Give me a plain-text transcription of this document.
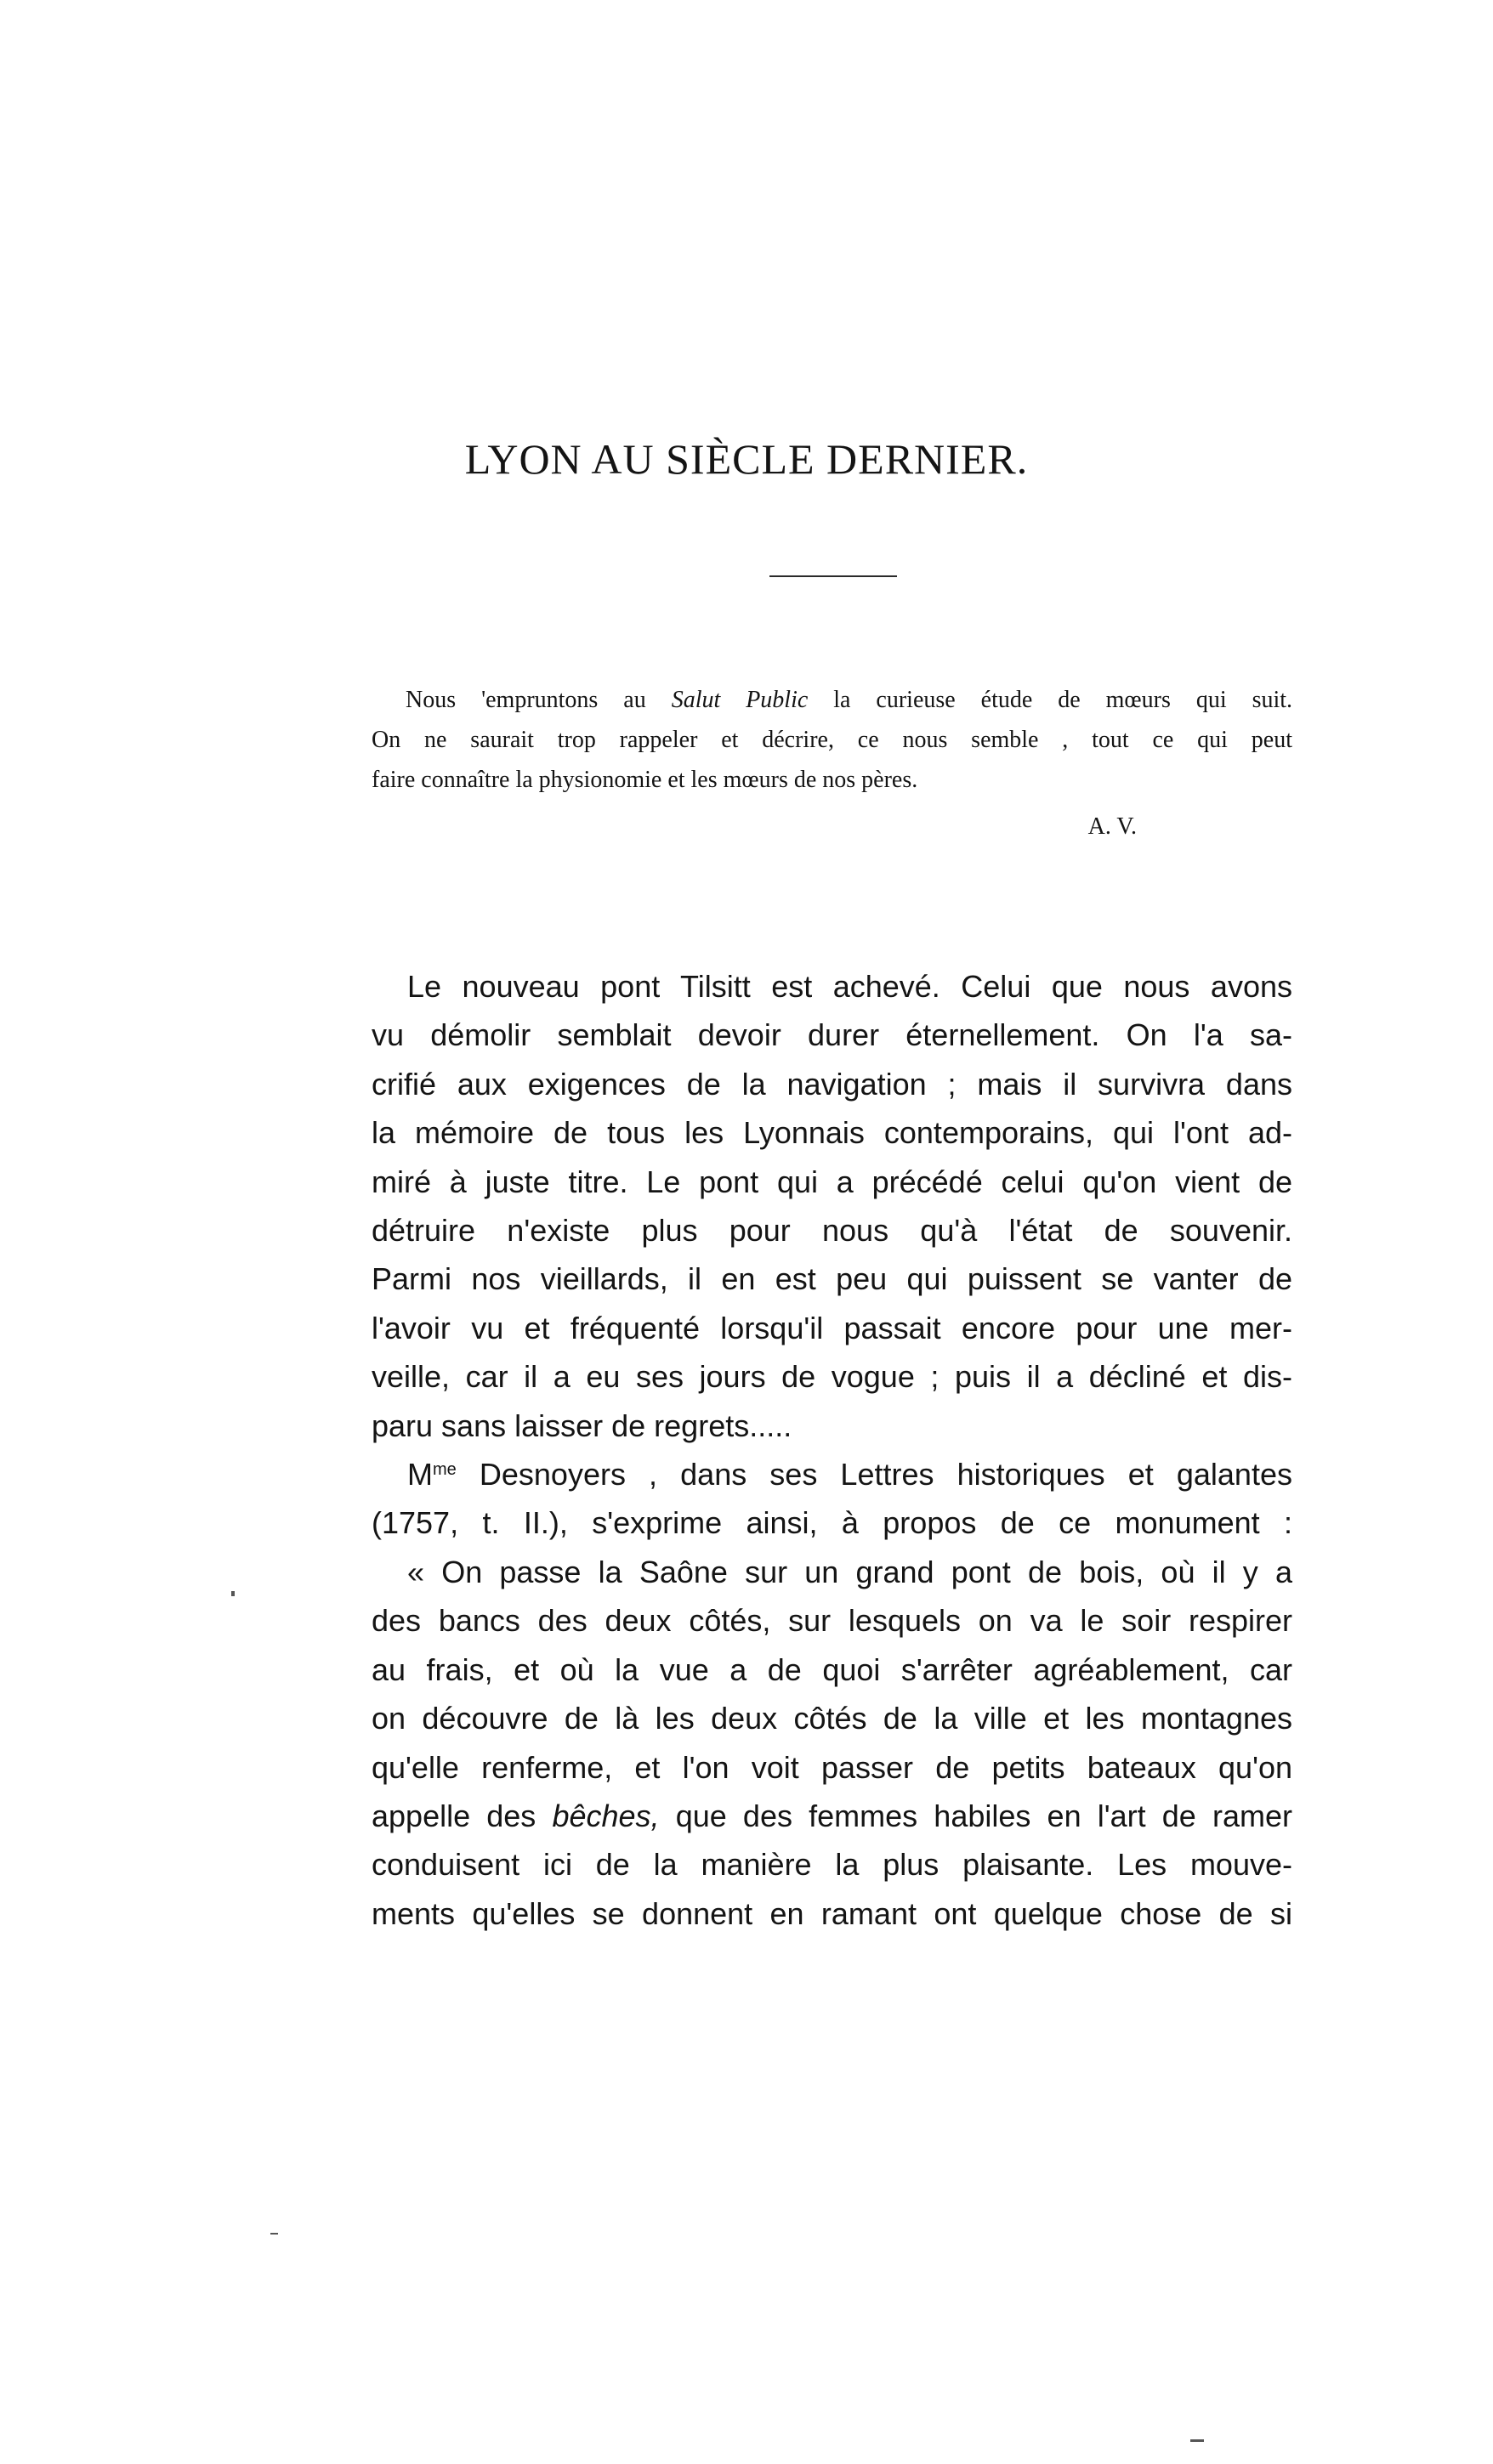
LYON AU SIÈCLE DERNIER.
Nous 'empruntons au Salut Public la curieuse étude de mœurs qui suit.
On ne saurait trop rappeler et décrire, ce nous semble , tout ce qui peut
faire connaître la physionomie et les mœurs de nos pères.
A. V.
Le nouveau pont Tilsitt est achevé. Celui que nous avons
vu démolir semblait devoir durer éternellement. On l'a sa-
crifié aux exigences de la navigation ; mais il survivra dans
la mémoire de tous les Lyonnais contemporains, qui l'ont ad-
miré à juste titre. Le pont qui a précédé celui qu'on vient de
détruire n'existe plus pour nous qu'à l'état de souvenir.
Parmi nos vieillards, il en est peu qui puissent se vanter de
l'avoir vu et fréquenté lorsqu'il passait encore pour une mer-
veille, car il a eu ses jours de vogue ; puis il a décliné et dis-
paru sans laisser de regrets.....
$M^{me}$ Desnoyers , dans ses Lettres historiques et galantes
(1757, t. II.), s'exprime ainsi, à propos de ce monument :
« On passe la Saône sur un grand pont de bois, où il y a
des bancs des deux côtés, sur lesquels on va le soir respirer
au frais, et où la vue a de quoi s'arrêter agréablement, car
on découvre de là les deux côtés de la ville et les montagnes
qu'elle renferme, et l'on voit passer de petits bateaux qu'on
appelle des bêches, que des femmes habiles en l'art de ramer
conduisent ici de la manière la plus plaisante. Les mouve-
ments qu'elles se donnent en ramant ont quelque chose de si
